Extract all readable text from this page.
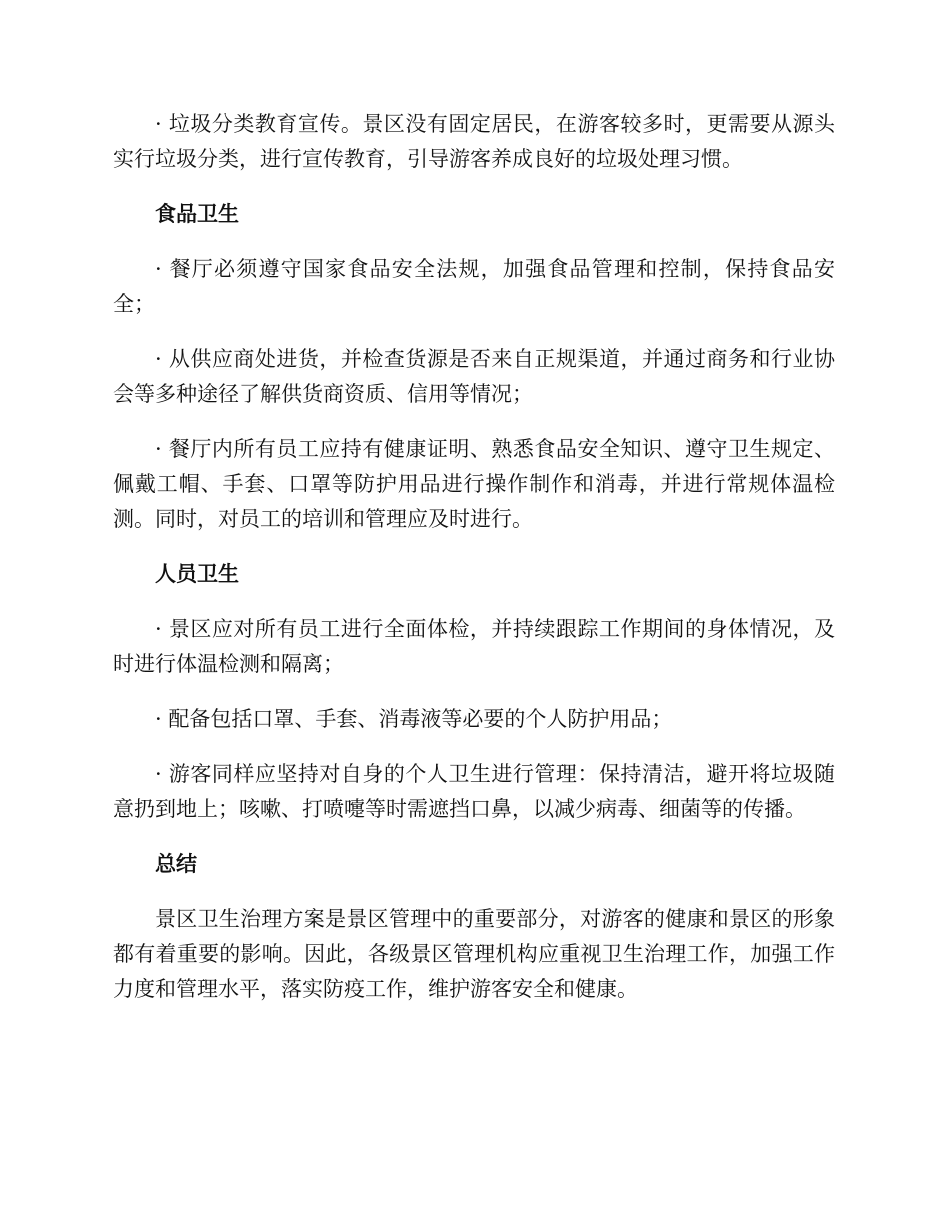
· 垃圾分类教育宣传。景区没有固定居民，在游客较多时，更需要从源头实行垃圾分类，进行宣传教育，引导游客养成良好的垃圾处理习惯。

食品卫生

· 餐厅必须遵守国家食品安全法规，加强食品管理和控制，保持食品安全；

· 从供应商处进货，并检查货源是否来自正规渠道，并通过商务和行业协会等多种途径了解供货商资质、信用等情况；

· 餐厅内所有员工应持有健康证明、熟悉食品安全知识、遵守卫生规定、佩戴工帽、手套、口罩等防护用品进行操作制作和消毒，并进行常规体温检测。同时，对员工的培训和管理应及时进行。

人员卫生

· 景区应对所有员工进行全面体检，并持续跟踪工作期间的身体情况，及时进行体温检测和隔离；

· 配备包括口罩、手套、消毒液等必要的个人防护用品；

· 游客同样应坚持对自身的个人卫生进行管理：保持清洁，避开将垃圾随意扔到地上；咳嗽、打喷嚏等时需遮挡口鼻，以减少病毒、细菌等的传播。

总结

景区卫生治理方案是景区管理中的重要部分，对游客的健康和景区的形象都有着重要的影响。因此，各级景区管理机构应重视卫生治理工作，加强工作力度和管理水平，落实防疫工作，维护游客安全和健康。
